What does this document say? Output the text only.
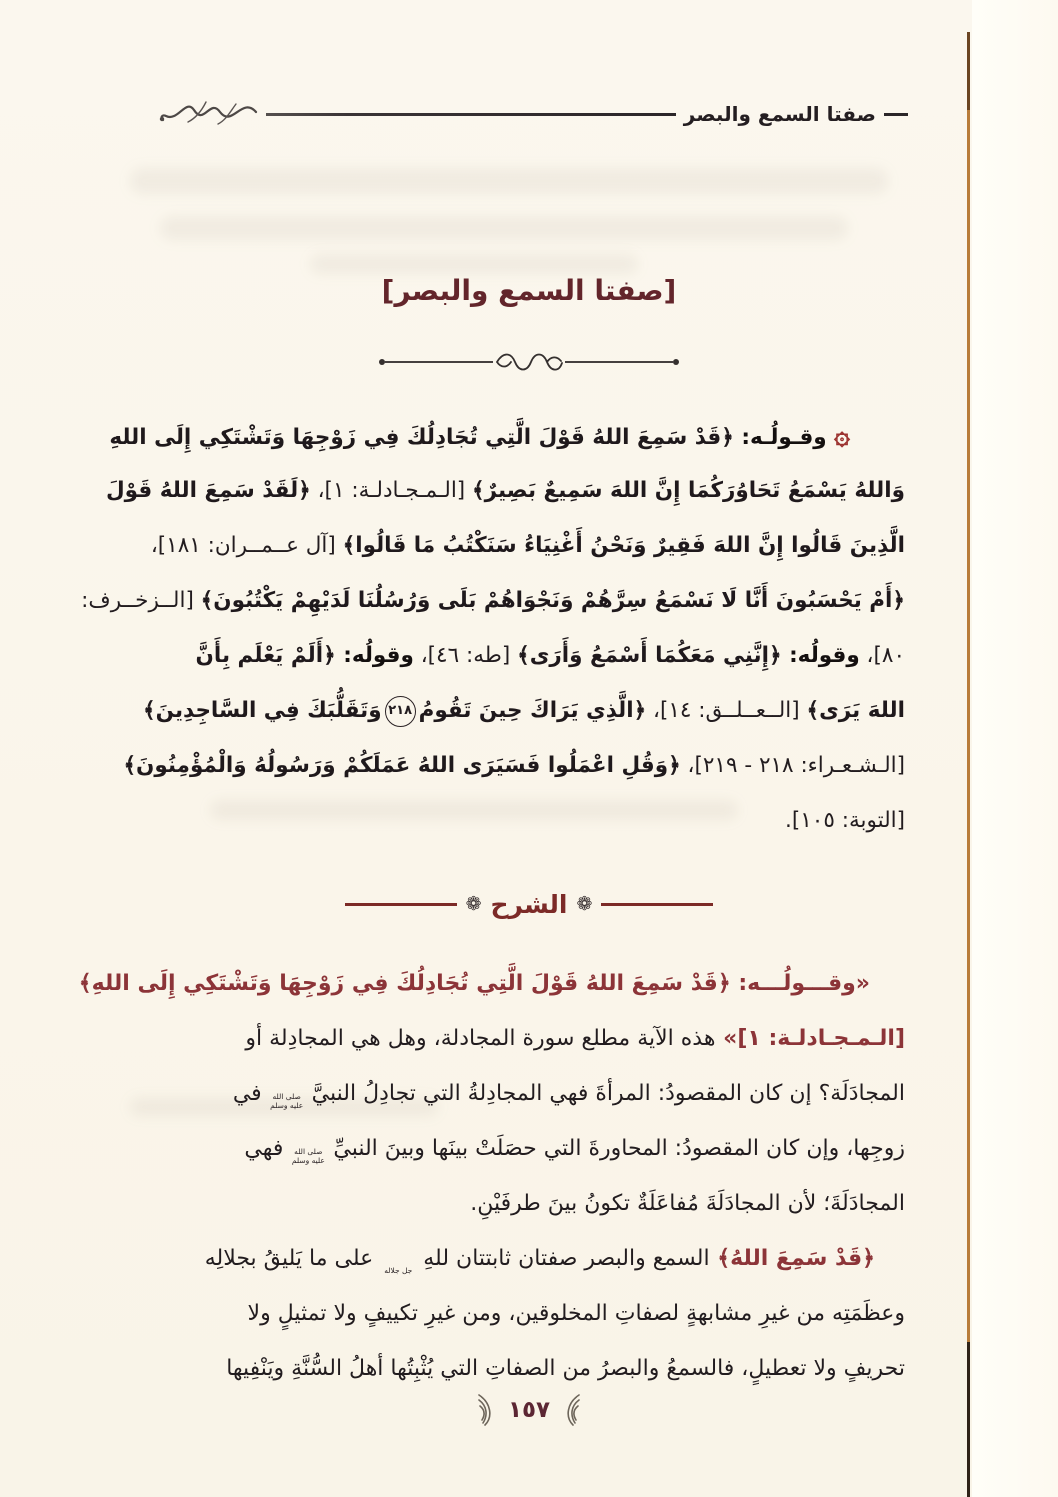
صفتا السمع والبصر
[صفتا السمع والبصر]
۞ وقـولُـه: ﴿قَدْ سَمِعَ اللهُ قَوْلَ الَّتِي تُجَادِلُكَ فِي زَوْجِهَا وَتَشْتَكِي إِلَى اللهِ
وَاللهُ يَسْمَعُ تَحَاوُرَكُمَا إِنَّ اللهَ سَمِيعٌ بَصِيرٌ﴾ [الـمـجـادلـة: ١]، ﴿لَقَدْ سَمِعَ اللهُ قَوْلَ
الَّذِينَ قَالُوا إِنَّ اللهَ فَقِيرٌ وَنَحْنُ أَغْنِيَاءُ سَنَكْتُبُ مَا قَالُوا﴾ [آل عــمــران: ١٨١]،
﴿أَمْ يَحْسَبُونَ أَنَّا لَا نَسْمَعُ سِرَّهُمْ وَنَجْوَاهُمْ بَلَى وَرُسُلُنَا لَدَيْهِمْ يَكْتُبُونَ﴾ [الــزخــرف:
٨٠]، وقولُه: ﴿إِنَّنِي مَعَكُمَا أَسْمَعُ وَأَرَى﴾ [طه: ٤٦]، وقولُه: ﴿أَلَمْ يَعْلَم بِأَنَّ
اللهَ يَرَى﴾ [الــعــلــق: ١٤]، ﴿الَّذِي يَرَاكَ حِينَ تَقُومُ٢١٨وَتَقَلُّبَكَ فِي السَّاجِدِينَ﴾
[الـشـعـراء: ٢١٨ - ٢١٩]، ﴿وَقُلِ اعْمَلُوا فَسَيَرَى اللهُ عَمَلَكُمْ وَرَسُولُهُ وَالْمُؤْمِنُونَ﴾
[التوبة: ١٠٥].
❁
الشرح
❁
«وقـــولُـــه: ﴿قَدْ سَمِعَ اللهُ قَوْلَ الَّتِي تُجَادِلُكَ فِي زَوْجِهَا وَتَشْتَكِي إِلَى اللهِ﴾
[الـمـجـادلـة: ١]» هذه الآية مطلع سورة المجادلة، وهل هي المجادِلة أو
المجادَلَة؟ إن كان المقصودُ: المرأةَ فهي المجادِلةُ التي تجادِلُ النبيَّ صلى الله عليه وسلم في
زوجِها، وإن كان المقصودُ: المحاورةَ التي حصَلَتْ بينَها وبينَ النبيِّ صلى الله عليه وسلم فهي
المجادَلَةَ؛ لأن المجادَلَةَ مُفاعَلَةٌ تكونُ بينَ طرفَيْنِ.
﴿قَدْ سَمِعَ اللهُ﴾ السمع والبصر صفتان ثابتتان للهِ جل جلاله على ما يَليقُ بجلالِه
وعظَمَتِه من غيرِ مشابهةٍ لصفاتِ المخلوقين، ومن غيرِ تكييفٍ ولا تمثيلٍ ولا
تحريفٍ ولا تعطيلٍ، فالسمعُ والبصرُ من الصفاتِ التي يُثْبِتُها أهلُ السُّنَّةِ ويَنْفِيها
١٥٧
